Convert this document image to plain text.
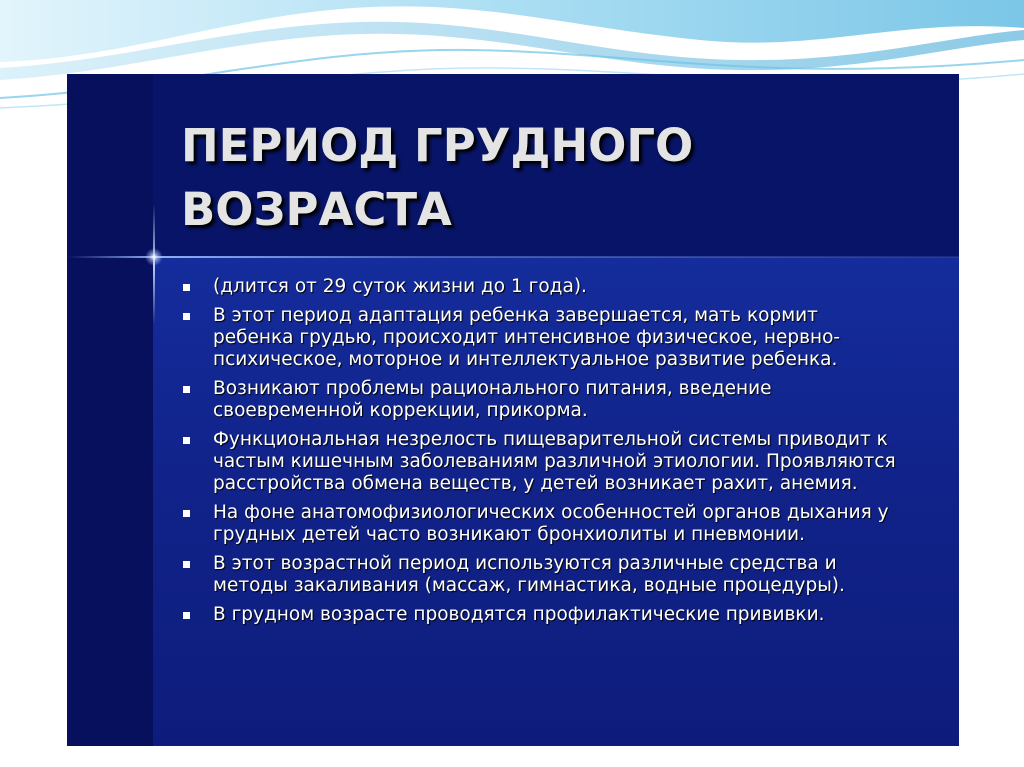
ПЕРИОД ГРУДНОГО ВОЗРАСТА
(длится от 29 суток жизни до 1 года).
В этот период адаптация ребенка завершается, мать кормит ребенка грудью, происходит интенсивное физическое, нервно-психическое, моторное и интеллектуальное развитие ребенка.
Возникают проблемы рационального питания, введение своевременной коррекции, прикорма.
Функциональная незрелость пищеварительной системы приводит к частым кишечным заболеваниям различной этиологии. Проявляются расстройства обмена веществ, у детей возникает рахит, анемия.
На фоне анатомофизиологических особенностей органов дыхания у грудных детей часто возникают бронхиолиты и пневмонии.
В этот возрастной период используются различные средства и методы закаливания (массаж, гимнастика, водные процедуры).
В грудном возрасте проводятся профилактические прививки.
